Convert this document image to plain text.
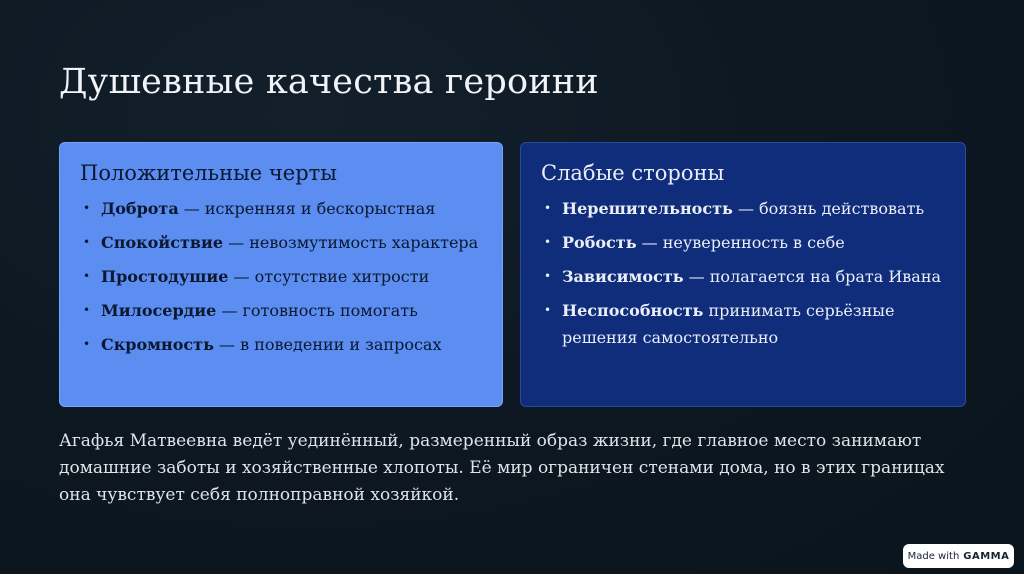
Душевные качества героини
Положительные черты
• Доброта — искренняя и бескорыстная
• Спокойствие — невозмутимость характера
• Простодушие — отсутствие хитрости
• Милосердие — готовность помогать
• Скромность — в поведении и запросах
Слабые стороны
• Нерешительность — боязнь действовать
• Робость — неуверенность в себе
• Зависимость — полагается на брата Ивана
• Неспособность принимать серьёзные решения самостоятельно

Агафья Матвеевна ведёт уединённый, размеренный образ жизни, где главное место занимают домашние заботы и хозяйственные хлопоты. Её мир ограничен стенами дома, но в этих границах она чувствует себя полноправной хозяйкой.

Made with GAMMA
